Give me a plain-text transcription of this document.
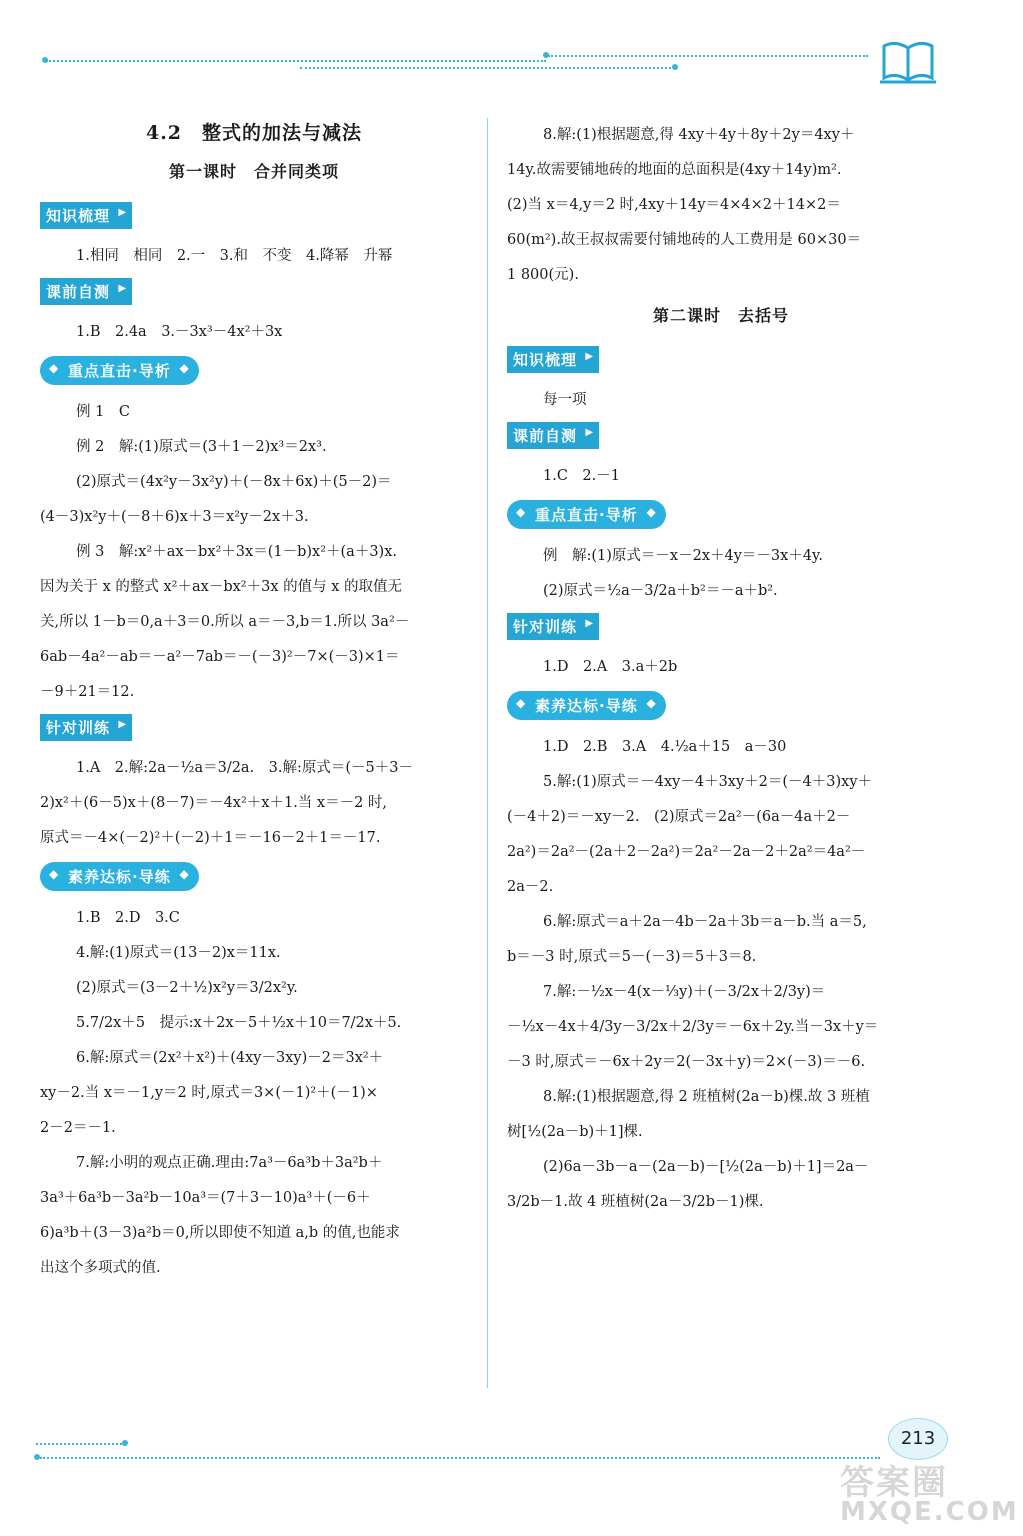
4.2　整式的加法与减法

第一课时　合并同类项

知识梳理 ▶

1.相同　相同　2.一　3.和　不变　4.降幂　升幂

课前自测 ▶

1.B　2.4a　3.－3x³－4x²＋3x

◆ 重点直击·导析 ◆

例 1　C

例 2　解:(1)原式＝(3＋1－2)x³＝2x³.

(2)原式＝(4x²y－3x²y)＋(－8x＋6x)＋(5－2)＝

(4－3)x²y＋(－8＋6)x＋3＝x²y－2x＋3.

例 3　解:x²＋ax－bx²＋3x＝(1－b)x²＋(a＋3)x.

因为关于 x 的整式 x²＋ax－bx²＋3x 的值与 x 的取值无

关,所以 1－b＝0,a＋3＝0.所以 a＝－3,b＝1.所以 3a²－

6ab－4a²－ab＝－a²－7ab＝－(－3)²－7×(－3)×1＝

－9＋21＝12.

针对训练 ▶

1.A　2.解:2a－½a＝3/2a.　3.解:原式＝(－5＋3－

2)x²＋(6－5)x＋(8－7)＝－4x²＋x＋1.当 x＝－2 时,

原式＝－4×(－2)²＋(－2)＋1＝－16－2＋1＝－17.

◆ 素养达标·导练 ◆

1.B　2.D　3.C

4.解:(1)原式＝(13－2)x＝11x.

(2)原式＝(3－2＋½)x²y＝3/2x²y.

5.7/2x＋5　提示:x＋2x－5＋½x＋10＝7/2x＋5.

6.解:原式＝(2x²＋x²)＋(4xy－3xy)－2＝3x²＋

xy－2.当 x＝－1,y＝2 时,原式＝3×(－1)²＋(－1)×

2－2＝－1.

7.解:小明的观点正确.理由:7a³－6a³b＋3a²b＋

3a³＋6a³b－3a²b－10a³＝(7＋3－10)a³＋(－6＋

6)a³b＋(3－3)a²b＝0,所以即使不知道 a,b 的值,也能求

出这个多项式的值.

8.解:(1)根据题意,得 4xy＋4y＋8y＋2y＝4xy＋

14y.故需要铺地砖的地面的总面积是(4xy＋14y)m².

(2)当 x＝4,y＝2 时,4xy＋14y＝4×4×2＋14×2＝

60(m²).故王叔叔需要付铺地砖的人工费用是 60×30＝

1 800(元).

第二课时　去括号

知识梳理 ▶

每一项

课前自测 ▶

1.C　2.－1

◆ 重点直击·导析 ◆

例　解:(1)原式＝－x－2x＋4y＝－3x＋4y.

(2)原式＝½a－3/2a＋b²＝－a＋b².

针对训练 ▶

1.D　2.A　3.a＋2b

◆ 素养达标·导练 ◆

1.D　2.B　3.A　4.½a＋15　a－30

5.解:(1)原式＝－4xy－4＋3xy＋2＝(－4＋3)xy＋

(－4＋2)＝－xy－2.　(2)原式＝2a²－(6a－4a＋2－

2a²)＝2a²－(2a＋2－2a²)＝2a²－2a－2＋2a²＝4a²－

2a－2.

6.解:原式＝a＋2a－4b－2a＋3b＝a－b.当 a＝5,

b＝－3 时,原式＝5－(－3)＝5＋3＝8.

7.解:－½x－4(x－⅓y)＋(－3/2x＋2/3y)＝

－½x－4x＋4/3y－3/2x＋2/3y＝－6x＋2y.当－3x＋y＝

－3 时,原式＝－6x＋2y＝2(－3x＋y)＝2×(－3)＝－6.

8.解:(1)根据题意,得 2 班植树(2a－b)棵.故 3 班植

树[½(2a－b)＋1]棵.

(2)6a－3b－a－(2a－b)－[½(2a－b)＋1]＝2a－

3/2b－1.故 4 班植树(2a－3/2b－1)棵.

213
答案圈
MXQE.COM
